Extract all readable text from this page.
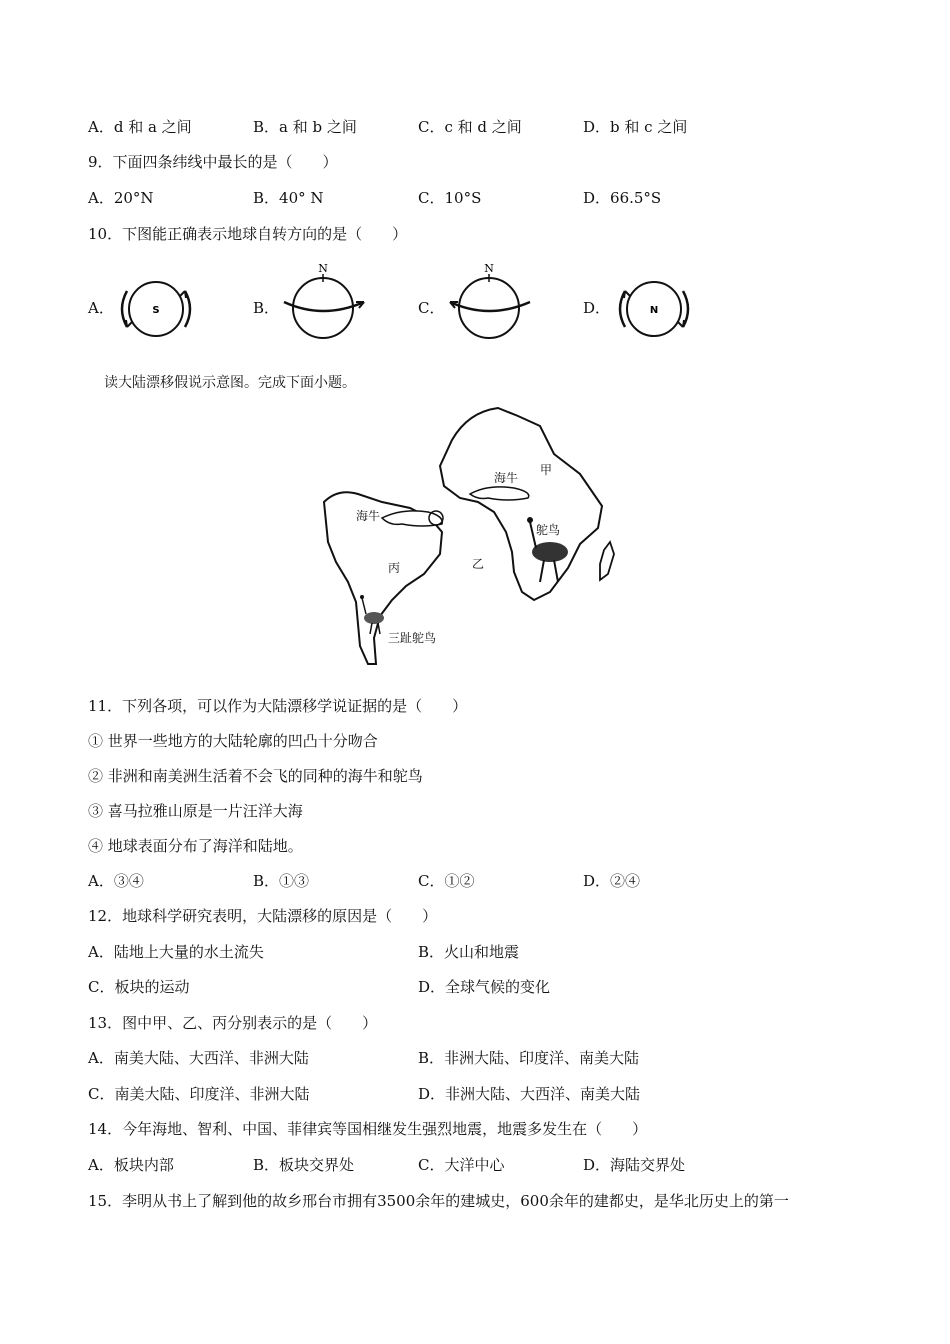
A．d 和 a 之间	B．a 和 b 之间	C．c 和 d 之间	D．b 和 c 之间
9．下面四条纬线中最长的是（　　）
A．20°N	B．40° N	C．10°S	D．66.5°S
10．下图能正确表示地球自转方向的是（　　）
A．	B．	C．	D．
S
N	N
N
读大陆漂移假说示意图。完成下面小题。
海牛
甲
海牛
鸵鸟
丙	乙
三趾鸵鸟
11．下列各项，可以作为大陆漂移学说证据的是（　　）
① 世界一些地方的大陆轮廓的凹凸十分吻合
② 非洲和南美洲生活着不会飞的同种的海牛和鸵鸟
③ 喜马拉雅山原是一片汪洋大海
④ 地球表面分布了海洋和陆地。
A．③④	B．①③	C．①②	D．②④
12．地球科学研究表明，大陆漂移的原因是（　　）
A．陆地上大量的水土流失	B．火山和地震
C．板块的运动	D．全球气候的变化
13．图中甲、乙、丙分别表示的是（　　）
A．南美大陆、大西洋、非洲大陆	B．非洲大陆、印度洋、南美大陆
C．南美大陆、印度洋、非洲大陆	D．非洲大陆、大西洋、南美大陆
14．今年海地、智利、中国、菲律宾等国相继发生强烈地震，地震多发生在（　　）
A．板块内部	B．板块交界处	C．大洋中心	D．海陆交界处
15．李明从书上了解到他的故乡邢台市拥有3500余年的建城史，600余年的建都史，是华北历史上的第一
